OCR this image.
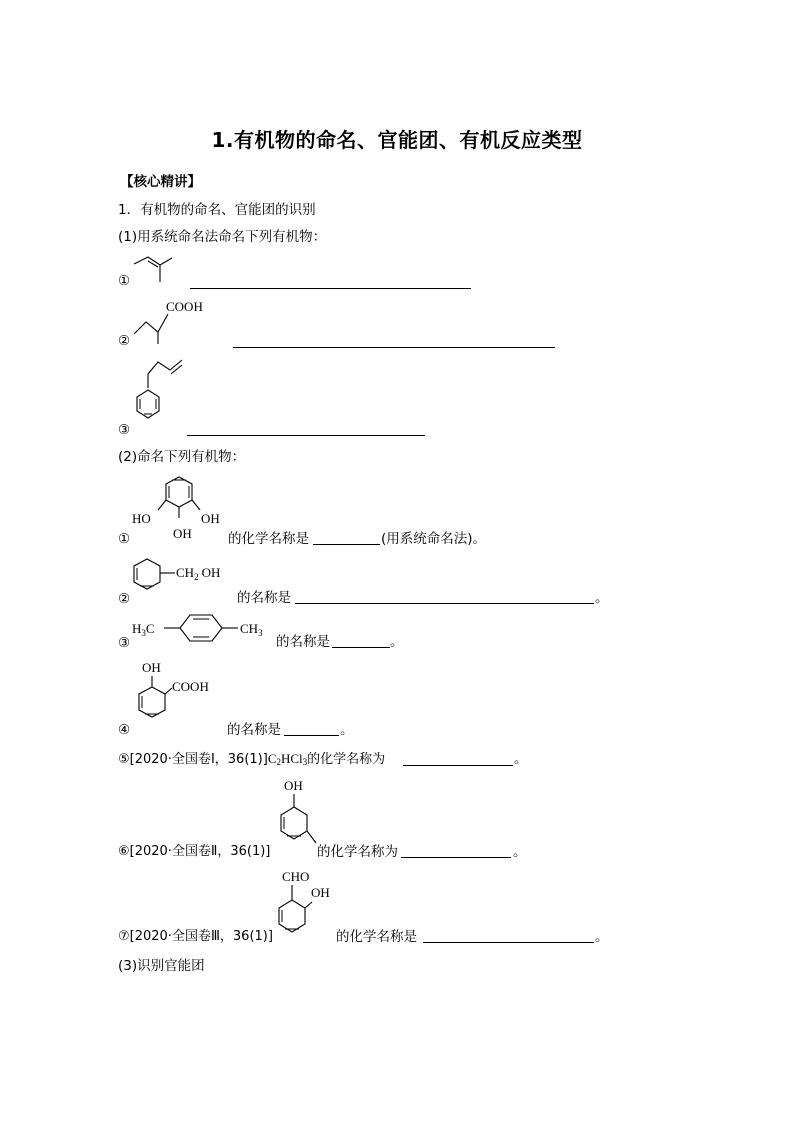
1.有机物的命名、官能团、有机反应类型
【核心精讲】
1．有机物的命名、官能团的识别
(1)用系统命名法命名下列有机物：
①
②
COOH
③
(2)命名下列有机物：
①
HO	OH
OH	的化学名称是	(用系统命名法)。
②
$CH_2$ OH
的名称是	。
③
$H_3C$	$CH_3$
的名称是	。
④
OH
COOH
的名称是	。
⑤[2020·全国卷Ⅰ，$36(1)]C_2HCl_3$的化学名称为	。
⑥[2020·全国卷Ⅱ，36(1)]
OH
的化学名称为	。
⑦[2020·全国卷Ⅲ，36(1)]
CHO
OH
的化学名称是	。
(3)识别官能团
